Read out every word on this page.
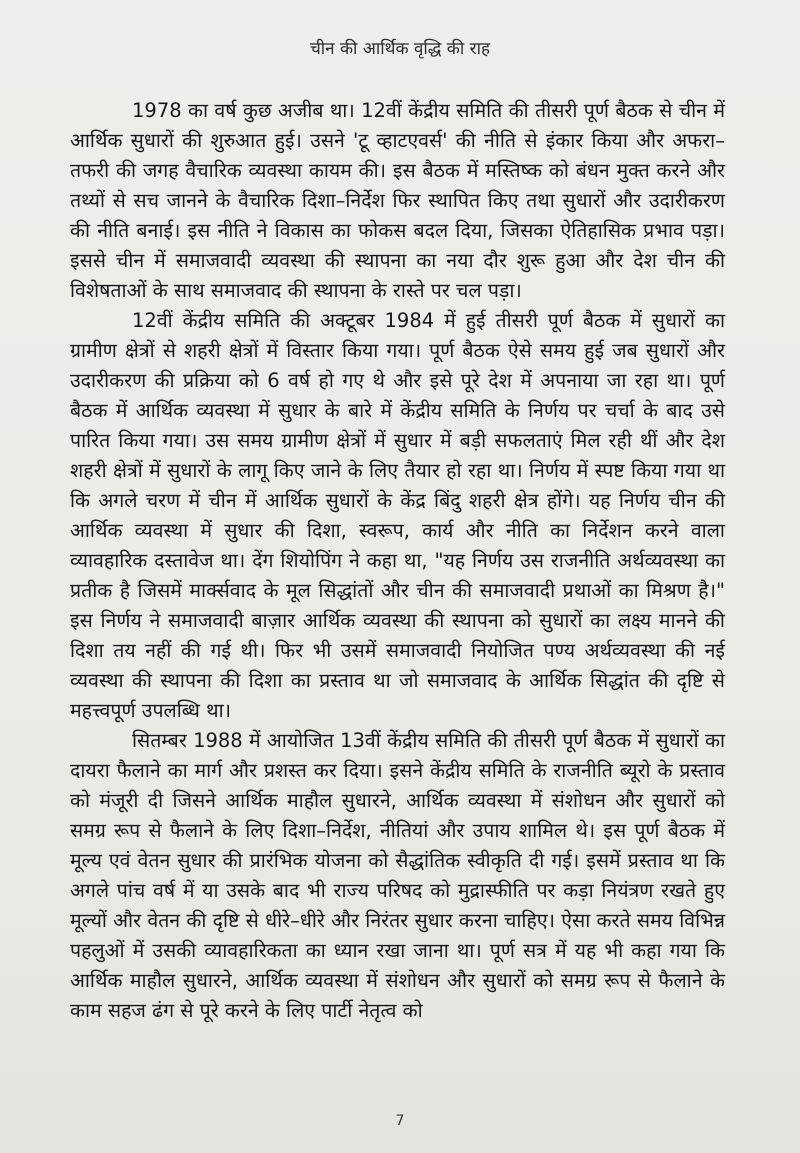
चीन की आर्थिक वृद्धि की राह

1978 का वर्ष कुछ अजीब था। 12वीं केंद्रीय समिति की तीसरी पूर्ण बैठक से चीन में आर्थिक सुधारों की शुरुआत हुई। उसने 'टू व्हाटएवर्स' की नीति से इंकार किया और अफरा–तफरी की जगह वैचारिक व्यवस्था कायम की। इस बैठक में मस्तिष्क को बंधन मुक्त करने और तथ्यों से सच जानने के वैचारिक दिशा–निर्देश फिर स्थापित किए तथा सुधारों और उदारीकरण की नीति बनाई। इस नीति ने विकास का फोकस बदल दिया, जिसका ऐतिहासिक प्रभाव पड़ा। इससे चीन में समाजवादी व्यवस्था की स्थापना का नया दौर शुरू हुआ और देश चीन की विशेषताओं के साथ समाजवाद की स्थापना के रास्ते पर चल पड़ा।

12वीं केंद्रीय समिति की अक्टूबर 1984 में हुई तीसरी पूर्ण बैठक में सुधारों का ग्रामीण क्षेत्रों से शहरी क्षेत्रों में विस्तार किया गया। पूर्ण बैठक ऐसे समय हुई जब सुधारों और उदारीकरण की प्रक्रिया को 6 वर्ष हो गए थे और इसे पूरे देश में अपनाया जा रहा था। पूर्ण बैठक में आर्थिक व्यवस्था में सुधार के बारे में केंद्रीय समिति के निर्णय पर चर्चा के बाद उसे पारित किया गया। उस समय ग्रामीण क्षेत्रों में सुधार में बड़ी सफलताएं मिल रही थीं और देश शहरी क्षेत्रों में सुधारों के लागू किए जाने के लिए तैयार हो रहा था। निर्णय में स्पष्ट किया गया था कि अगले चरण में चीन में आर्थिक सुधारों के केंद्र बिंदु शहरी क्षेत्र होंगे। यह निर्णय चीन की आर्थिक व्यवस्था में सुधार की दिशा, स्वरूप, कार्य और नीति का निर्देशन करने वाला व्यावहारिक दस्तावेज था। देंग शियोपिंग ने कहा था, "यह निर्णय उस राजनीति अर्थव्यवस्था का प्रतीक है जिसमें मार्क्सवाद के मूल सिद्धांतों और चीन की समाजवादी प्रथाओं का मिश्रण है।" इस निर्णय ने समाजवादी बाज़ार आर्थिक व्यवस्था की स्थापना को सुधारों का लक्ष्य मानने की दिशा तय नहीं की गई थी। फिर भी उसमें समाजवादी नियोजित पण्य अर्थव्यवस्था की नई व्यवस्था की स्थापना की दिशा का प्रस्ताव था जो समाजवाद के आर्थिक सिद्धांत की दृष्टि से महत्त्वपूर्ण उपलब्धि था।

सितम्बर 1988 में आयोजित 13वीं केंद्रीय समिति की तीसरी पूर्ण बैठक में सुधारों का दायरा फैलाने का मार्ग और प्रशस्त कर दिया। इसने केंद्रीय समिति के राजनीति ब्यूरो के प्रस्ताव को मंजूरी दी जिसने आर्थिक माहौल सुधारने, आर्थिक व्यवस्था में संशोधन और सुधारों को समग्र रूप से फैलाने के लिए दिशा–निर्देश, नीतियां और उपाय शामिल थे। इस पूर्ण बैठक में मूल्य एवं वेतन सुधार की प्रारंभिक योजना को सैद्धांतिक स्वीकृति दी गई। इसमें प्रस्ताव था कि अगले पांच वर्ष में या उसके बाद भी राज्य परिषद को मुद्रास्फीति पर कड़ा नियंत्रण रखते हुए मूल्यों और वेतन की दृष्टि से धीरे–धीरे और निरंतर सुधार करना चाहिए। ऐसा करते समय विभिन्न पहलुओं में उसकी व्यावहारिकता का ध्यान रखा जाना था। पूर्ण सत्र में यह भी कहा गया कि आर्थिक माहौल सुधारने, आर्थिक व्यवस्था में संशोधन और सुधारों को समग्र रूप से फैलाने के काम सहज ढंग से पूरे करने के लिए पार्टी नेतृत्व को

7
